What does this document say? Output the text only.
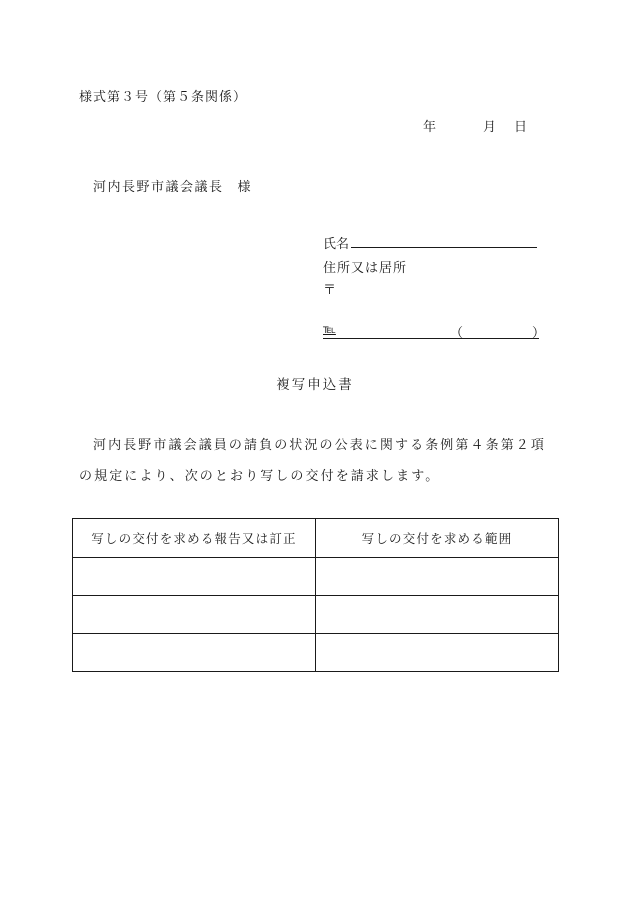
様式第３号（第５条関係）
年	月 日
河内長野市議会議長 様
氏名
住所又は居所
〒
℡	（	）
複写申込書
河内長野市議会議員の請負の状況の公表に関する条例第４条第２項
の規定により、次のとおり写しの交付を請求します。
写しの交付を求める報告又は訂正	写しの交付を求める範囲
